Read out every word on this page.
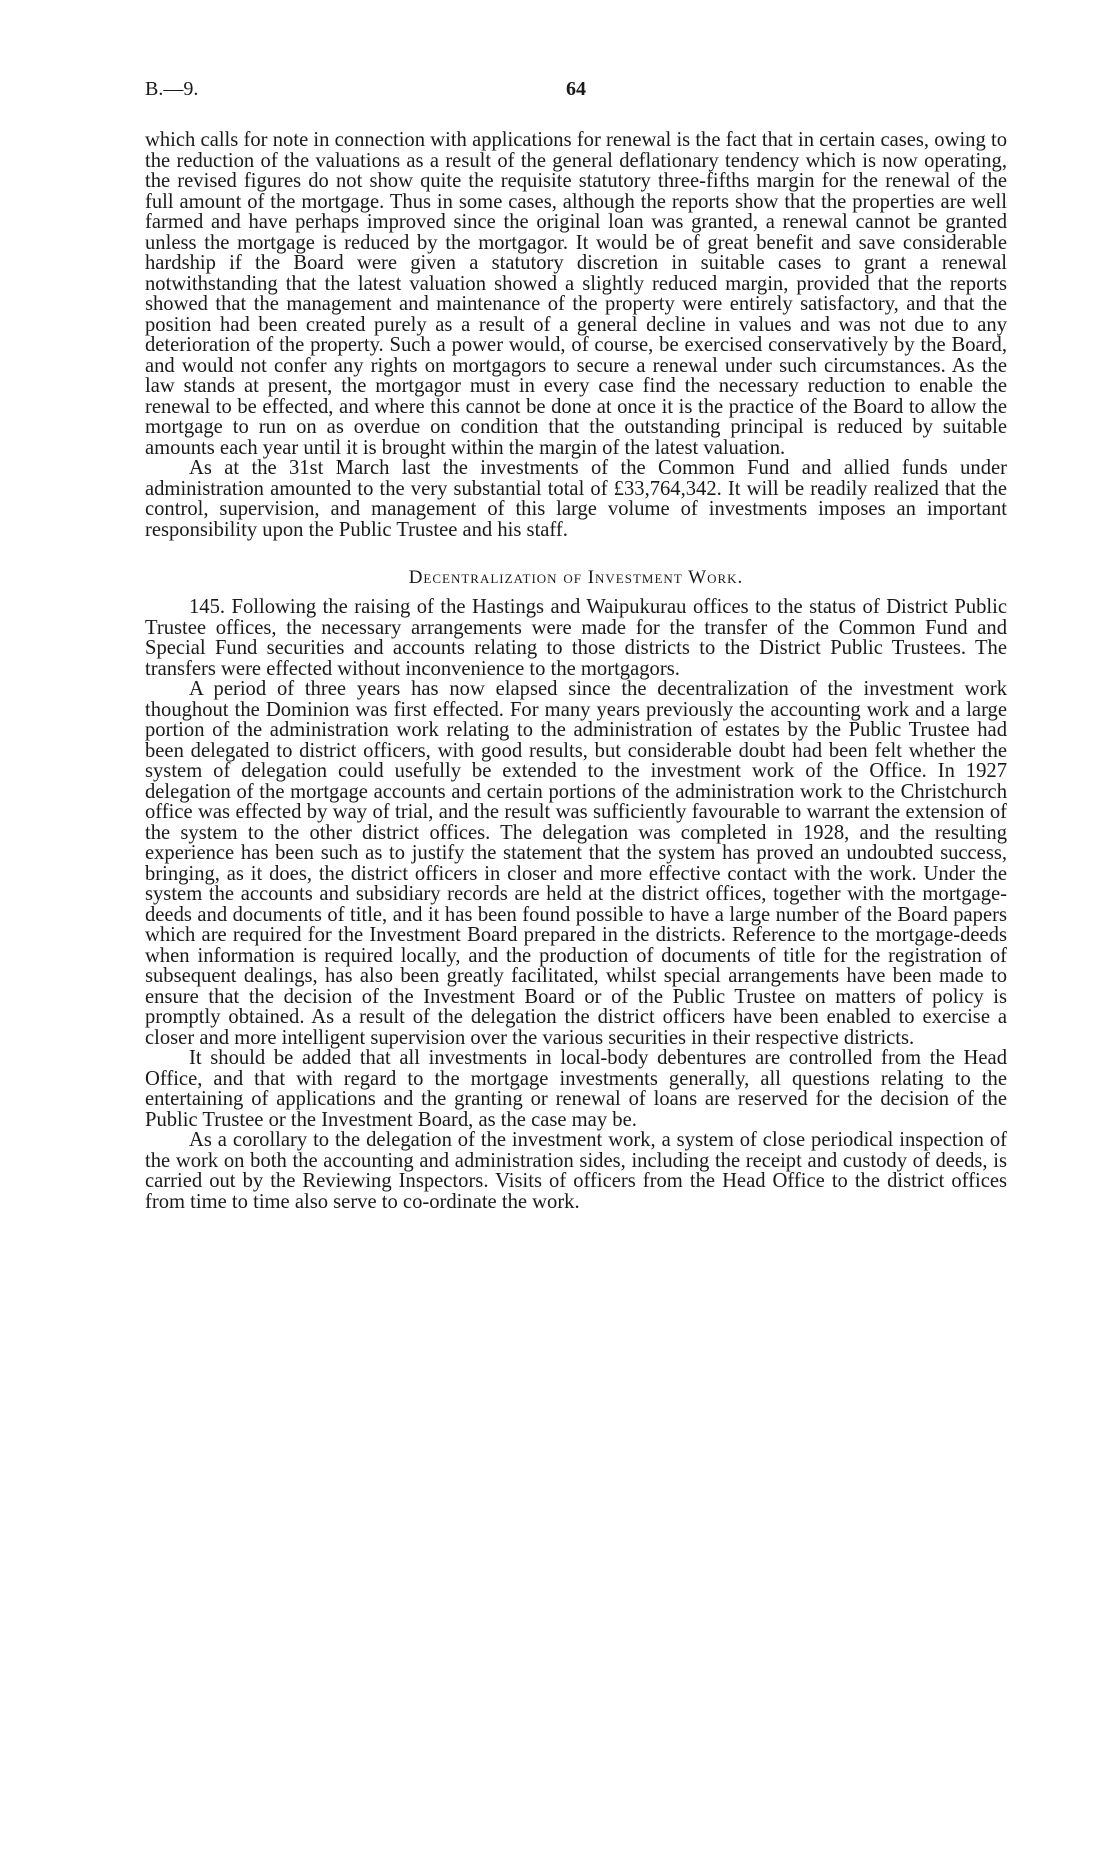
B.—9.	64

which calls for note in connection with applications for renewal is the fact that in certain cases, owing to the reduction of the valuations as a result of the general deflationary tendency which is now operating, the revised figures do not show quite the requisite statutory three-fifths margin for the renewal of the full amount of the mortgage. Thus in some cases, although the reports show that the properties are well farmed and have perhaps improved since the original loan was granted, a renewal cannot be granted unless the mortgage is reduced by the mortgagor. It would be of great benefit and save considerable hardship if the Board were given a statutory discretion in suitable cases to grant a renewal notwithstanding that the latest valuation showed a slightly reduced margin, provided that the reports showed that the management and maintenance of the property were entirely satisfactory, and that the position had been created purely as a result of a general decline in values and was not due to any deterioration of the property. Such a power would, of course, be exercised conservatively by the Board, and would not confer any rights on mortgagors to secure a renewal under such circumstances. As the law stands at present, the mortgagor must in every case find the necessary reduction to enable the renewal to be effected, and where this cannot be done at once it is the practice of the Board to allow the mortgage to run on as overdue on condition that the outstanding principal is reduced by suitable amounts each year until it is brought within the margin of the latest valuation.

As at the 31st March last the investments of the Common Fund and allied funds under administration amounted to the very substantial total of £33,764,342. It will be readily realized that the control, supervision, and management of this large volume of investments imposes an important responsibility upon the Public Trustee and his staff.

Decentralization of Investment Work.

145. Following the raising of the Hastings and Waipukurau offices to the status of District Public Trustee offices, the necessary arrangements were made for the transfer of the Common Fund and Special Fund securities and accounts relating to those districts to the District Public Trustees. The transfers were effected without inconvenience to the mortgagors.

A period of three years has now elapsed since the decentralization of the investment work thoughout the Dominion was first effected. For many years previously the accounting work and a large portion of the administration work relating to the administration of estates by the Public Trustee had been delegated to district officers, with good results, but considerable doubt had been felt whether the system of delegation could usefully be extended to the investment work of the Office. In 1927 delegation of the mortgage accounts and certain portions of the administration work to the Christchurch office was effected by way of trial, and the result was sufficiently favourable to warrant the extension of the system to the other district offices. The delegation was completed in 1928, and the resulting experience has been such as to justify the statement that the system has proved an undoubted success, bringing, as it does, the district officers in closer and more effective contact with the work. Under the system the accounts and subsidiary records are held at the district offices, together with the mortgage-deeds and documents of title, and it has been found possible to have a large number of the Board papers which are required for the Investment Board prepared in the districts. Reference to the mortgage-deeds when information is required locally, and the production of documents of title for the registration of subsequent dealings, has also been greatly facilitated, whilst special arrangements have been made to ensure that the decision of the Investment Board or of the Public Trustee on matters of policy is promptly obtained. As a result of the delegation the district officers have been enabled to exercise a closer and more intelligent supervision over the various securities in their respective districts.

It should be added that all investments in local-body debentures are controlled from the Head Office, and that with regard to the mortgage investments generally, all questions relating to the entertaining of applications and the granting or renewal of loans are reserved for the decision of the Public Trustee or the Investment Board, as the case may be.

As a corollary to the delegation of the investment work, a system of close periodical inspection of the work on both the accounting and administration sides, including the receipt and custody of deeds, is carried out by the Reviewing Inspectors. Visits of officers from the Head Office to the district offices from time to time also serve to co-ordinate the work.
